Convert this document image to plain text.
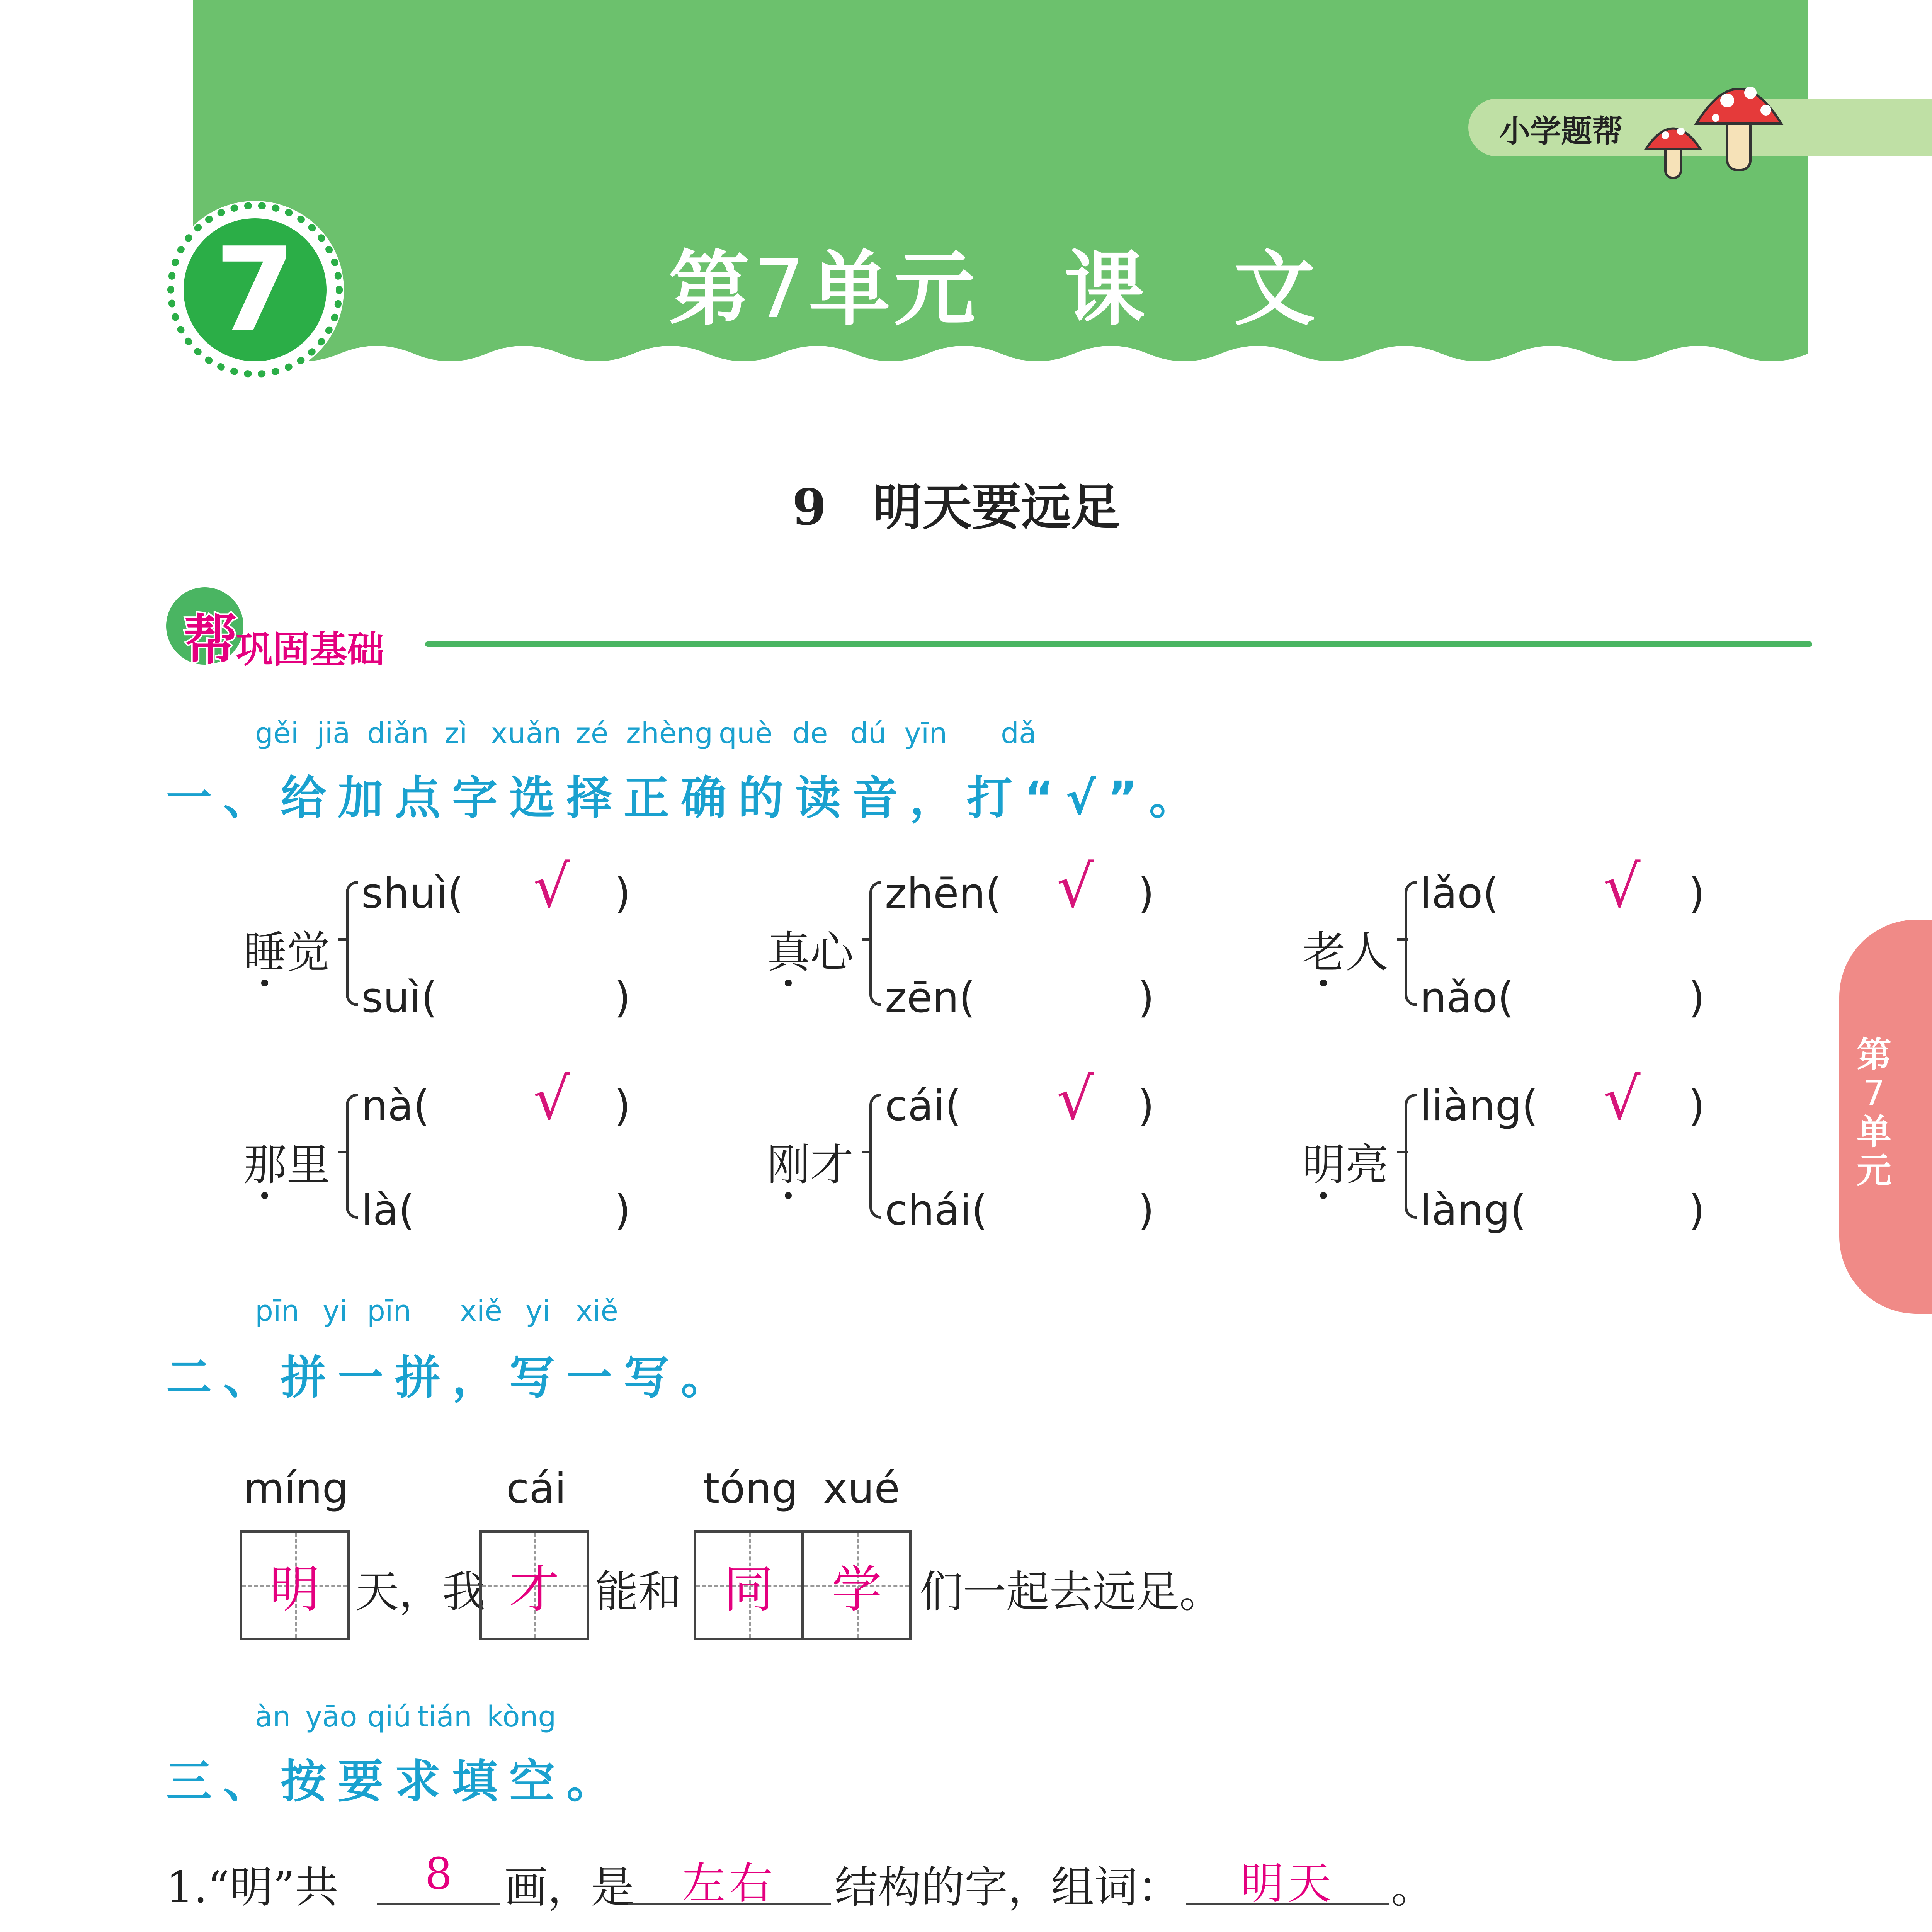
小学题帮
7	第7单元　课　文
第
7
单
元
9 明天要远足
帮
巩固基础
gěi jiā diǎn zì xuǎn zé zhèng què de dú yīn dǎ
一、给加点字选择正确的读音，打“√”。
睡觉
shuì(	)
√
suì(	)
真心
zhēn(	)
√
zēn(	)
老人
lǎo(	)
√
nǎo(	)
那里
nà(	)
√
là(	)
刚才
cái(	)
√
chái(	)
明亮
liàng(	)
√
làng(	)
pīn yi pīn xiě yi xiě
二、拼一拼，写一写。
míng	cái	tóng xué
明 天，我 才 能和 同	学 们一起去远足。
àn yāo qiú tián kòng
三、按要求填空。
1.“明”共	8	画，是	左右	结构的字，组词：	明天	。
